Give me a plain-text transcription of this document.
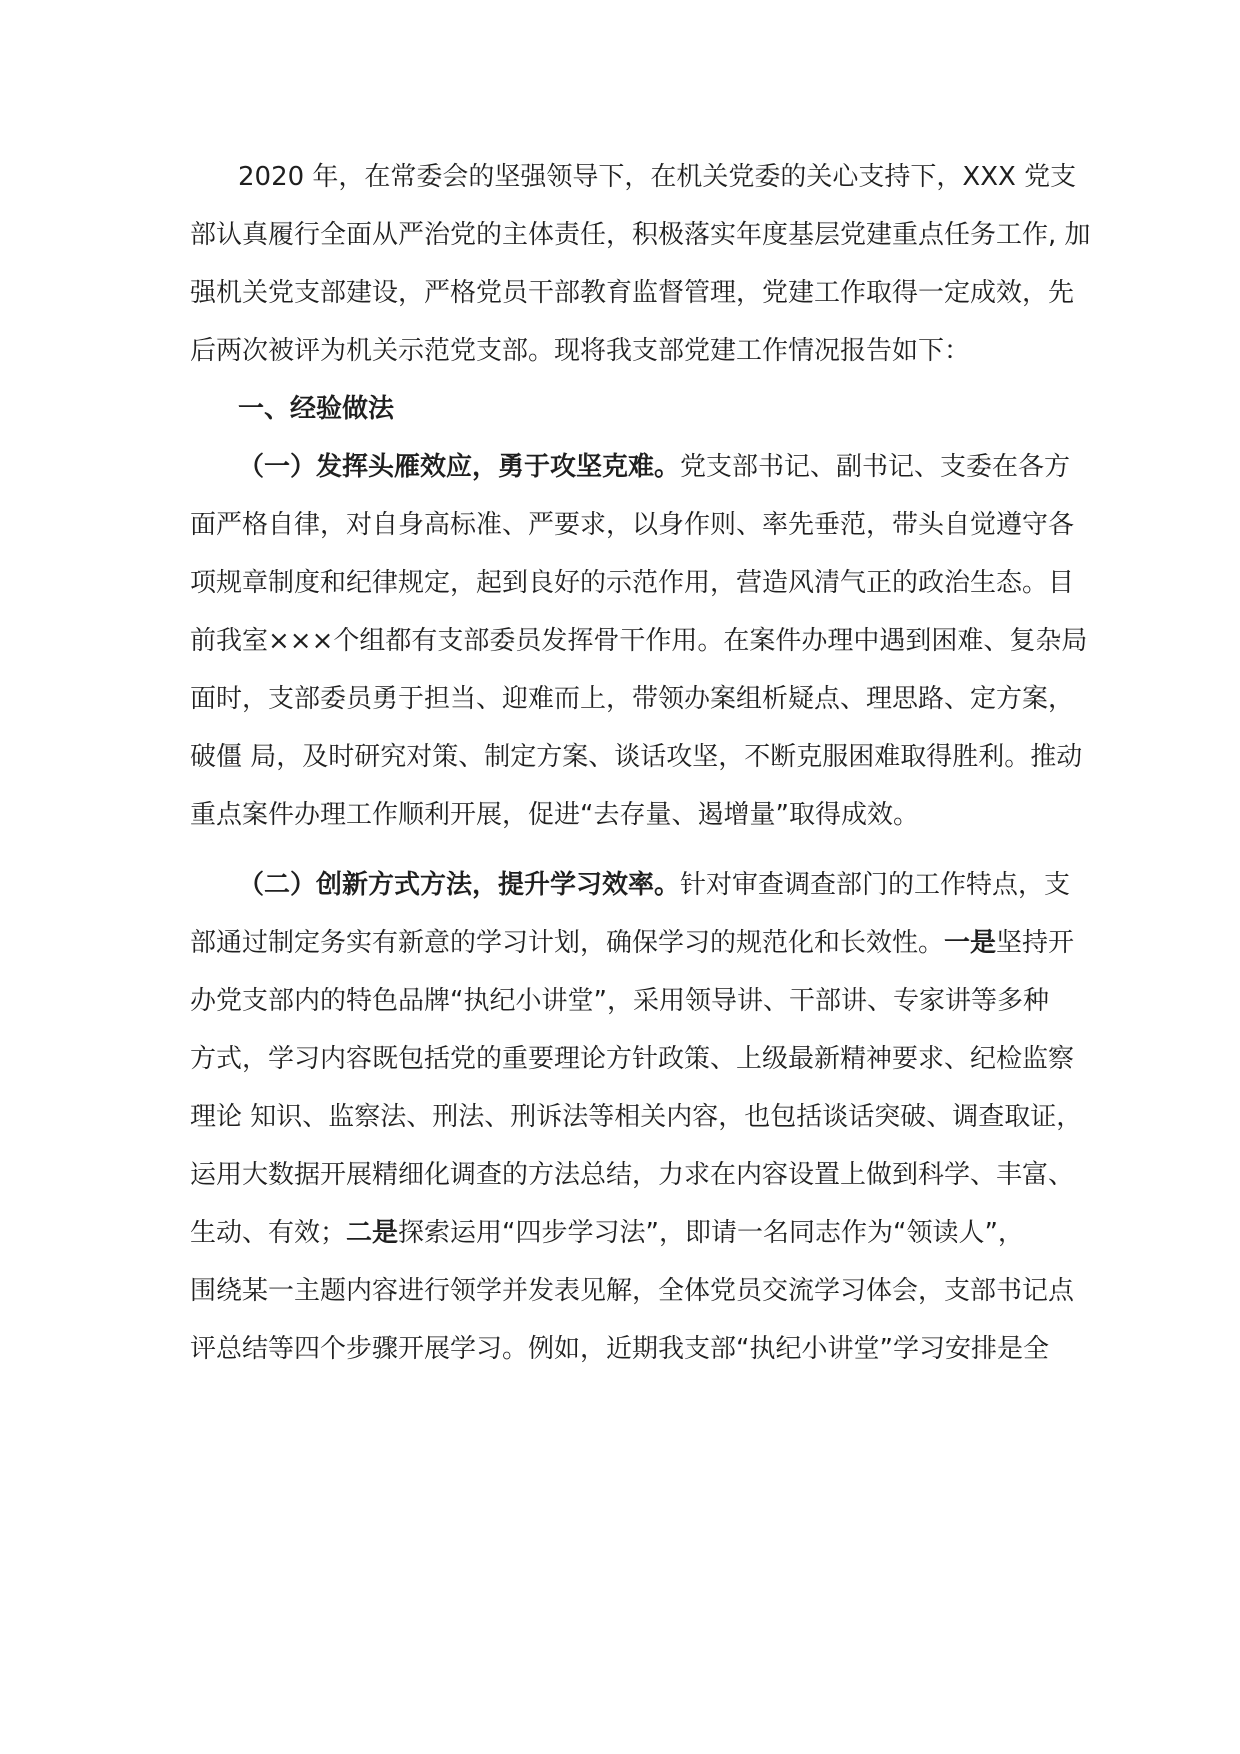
2020 年，在常委会的坚强领导下，在机关党委的关心支持下，XXX 党支
部认真履行全面从严治党的主体责任，积极落实年度基层党建重点任务工作, 加
强机关党支部建设，严格党员干部教育监督管理，党建工作取得一定成效，先
后两次被评为机关示范党支部。现将我支部党建工作情况报告如下：
一、经验做法
（一）发挥头雁效应，勇于攻坚克难。党支部书记、副书记、支委在各方
面严格自律，对自身高标准、严要求，以身作则、率先垂范，带头自觉遵守各
项规章制度和纪律规定，起到良好的示范作用，营造风清气正的政治生态。目
前我室×××个组都有支部委员发挥骨干作用。在案件办理中遇到困难、复杂局
面时，支部委员勇于担当、迎难而上，带领办案组析疑点、理思路、定方案，
破僵 局，及时研究对策、制定方案、谈话攻坚，不断克服困难取得胜利。推动
重点案件办理工作顺利开展，促进“去存量、遏增量”取得成效。
（二）创新方式方法，提升学习效率。针对审查调查部门的工作特点，支
部通过制定务实有新意的学习计划，确保学习的规范化和长效性。一是坚持开
办党支部内的特色品牌“执纪小讲堂”，采用领导讲、干部讲、专家讲等多种
方式，学习内容既包括党的重要理论方针政策、上级最新精神要求、纪检监察
理论 知识、监察法、刑法、刑诉法等相关内容，也包括谈话突破、调查取证，
运用大数据开展精细化调查的方法总结，力求在内容设置上做到科学、丰富、
生动、有效；二是探索运用“四步学习法”，即请一名同志作为“领读人”，
围绕某一主题内容进行领学并发表见解，全体党员交流学习体会，支部书记点
评总结等四个步骤开展学习。例如，近期我支部“执纪小讲堂”学习安排是全
